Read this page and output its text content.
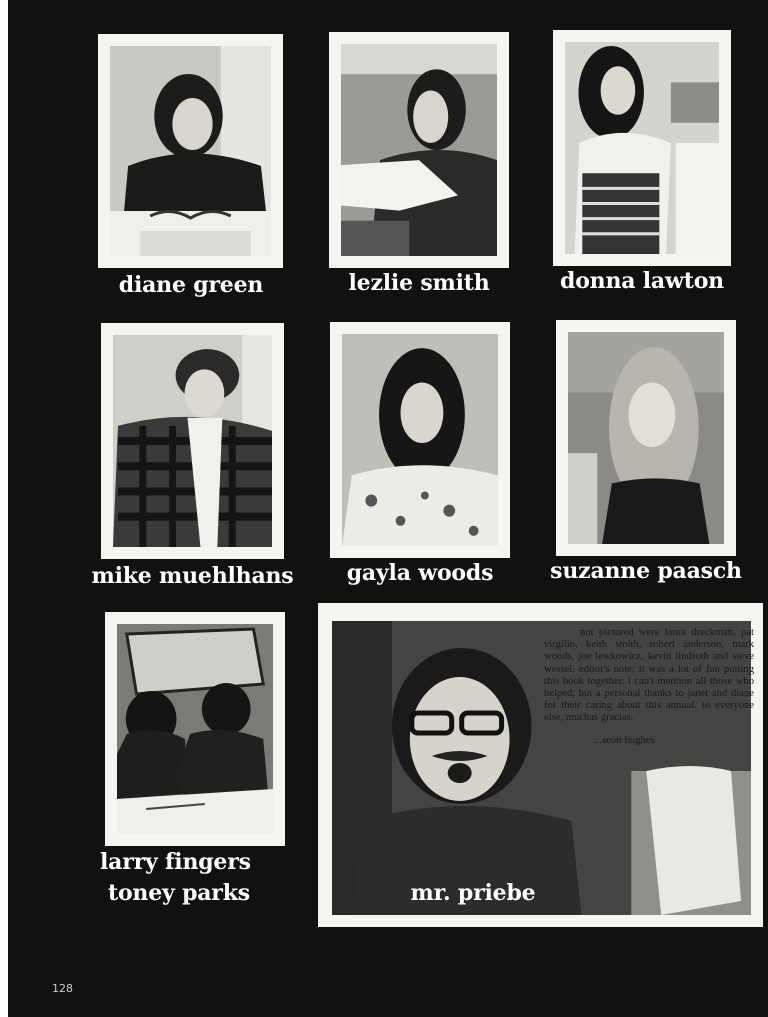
diane green	lezlie smith	donna lawton
mike muehlhans	gayla woods	suzanne paasch
larry fingers
toney parks
not pictured were laura dreckman, pat virgilio, keith smith, robert anderson, mark woods, joe lewkowicz, kevin lindroth and steve wessel. editor's note: it was a lot of fun putting this book together. i can't mention all those who helped, but a personal thanks to janet and diane for their caring about this annual. to everyone else, muchas gracias.
...scott hughes
mr. priebe
128
